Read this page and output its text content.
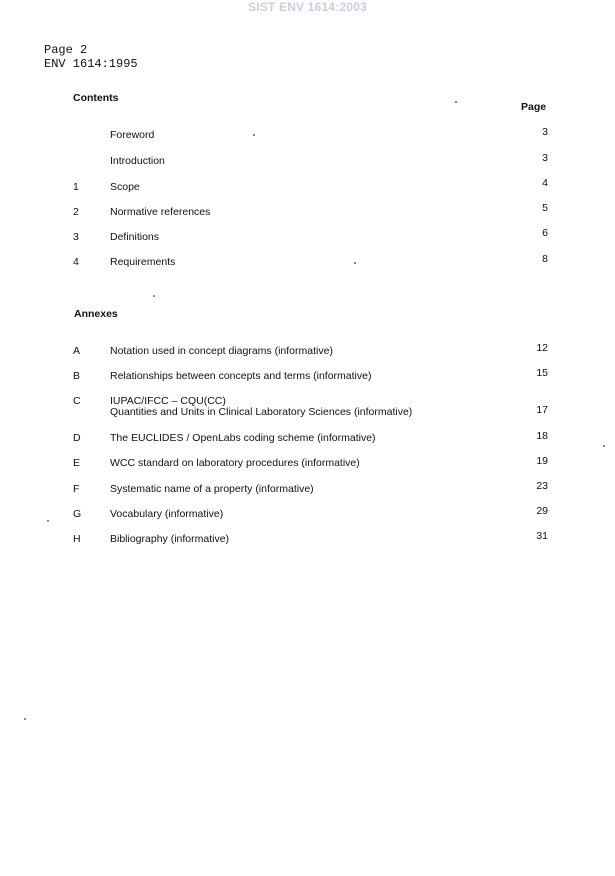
SIST ENV 1614:2003
Page 2
ENV 1614:1995
Contents
Page
Foreword	3
Introduction	3
1	Scope	4
2	Normative references	5
3	Definitions	6
4	Requirements	8
Annexes
A	Notation used in concept diagrams (informative)	12
B	Relationships between concepts and terms (informative)	15
C	IUPAC/IFCC – CQU(CC)
Quantities and Units in Clinical Laboratory Sciences (informative)	17
D	The EUCLIDES / OpenLabs coding scheme (informative)	18
E	WCC standard on laboratory procedures (informative)	19
F	Systematic name of a property (informative)	23
G	Vocabulary (informative)	29
H	Bibliography (informative)	31
